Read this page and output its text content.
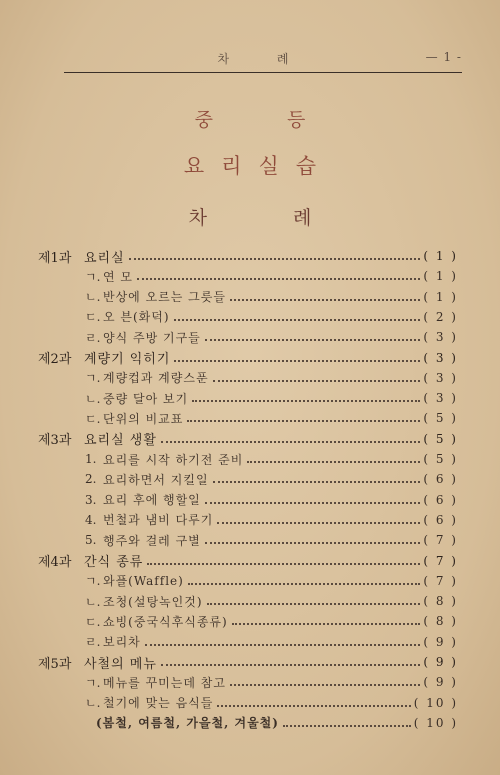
차 례	— 1 -
중 등
요리실습
차 례
제1과 요리실	( 1 )
ㄱ. 연 모	( 1 )
ㄴ. 반상에 오르는 그릇들	( 1 )
ㄷ. 오 븐(화덕)	( 2 )
ㄹ. 양식 주방 기구들	( 3 )
제2과 계량기 익히기	( 3 )
ㄱ. 계량컵과 계량스푼	( 3 )
ㄴ. 중량 달아 보기	( 3 )
ㄷ. 단위의 비교표	( 5 )
제3과 요리실 생활	( 5 )
1. 요리를 시작 하기전 준비	( 5 )
2. 요리하면서 지킬일	( 6 )
3. 요리 후에 행할일	( 6 )
4. 번철과 냄비 다루기	( 6 )
5. 행주와 걸레 구별	( 7 )
제4과 간식 종류	( 7 )
ㄱ. 와플(Waffle)	( 7 )
ㄴ. 조청(설탕녹인것)	( 8 )
ㄷ. 쇼빙(중국식후식종류)	( 8 )
ㄹ. 보리차	( 9 )
제5과 사철의 메뉴	( 9 )
ㄱ. 메뉴를 꾸미는데 참고	( 9 )
ㄴ. 철기에 맞는 음식들	( 10 )
(봄철, 여름철, 가을철, 겨울철)	( 10 )
